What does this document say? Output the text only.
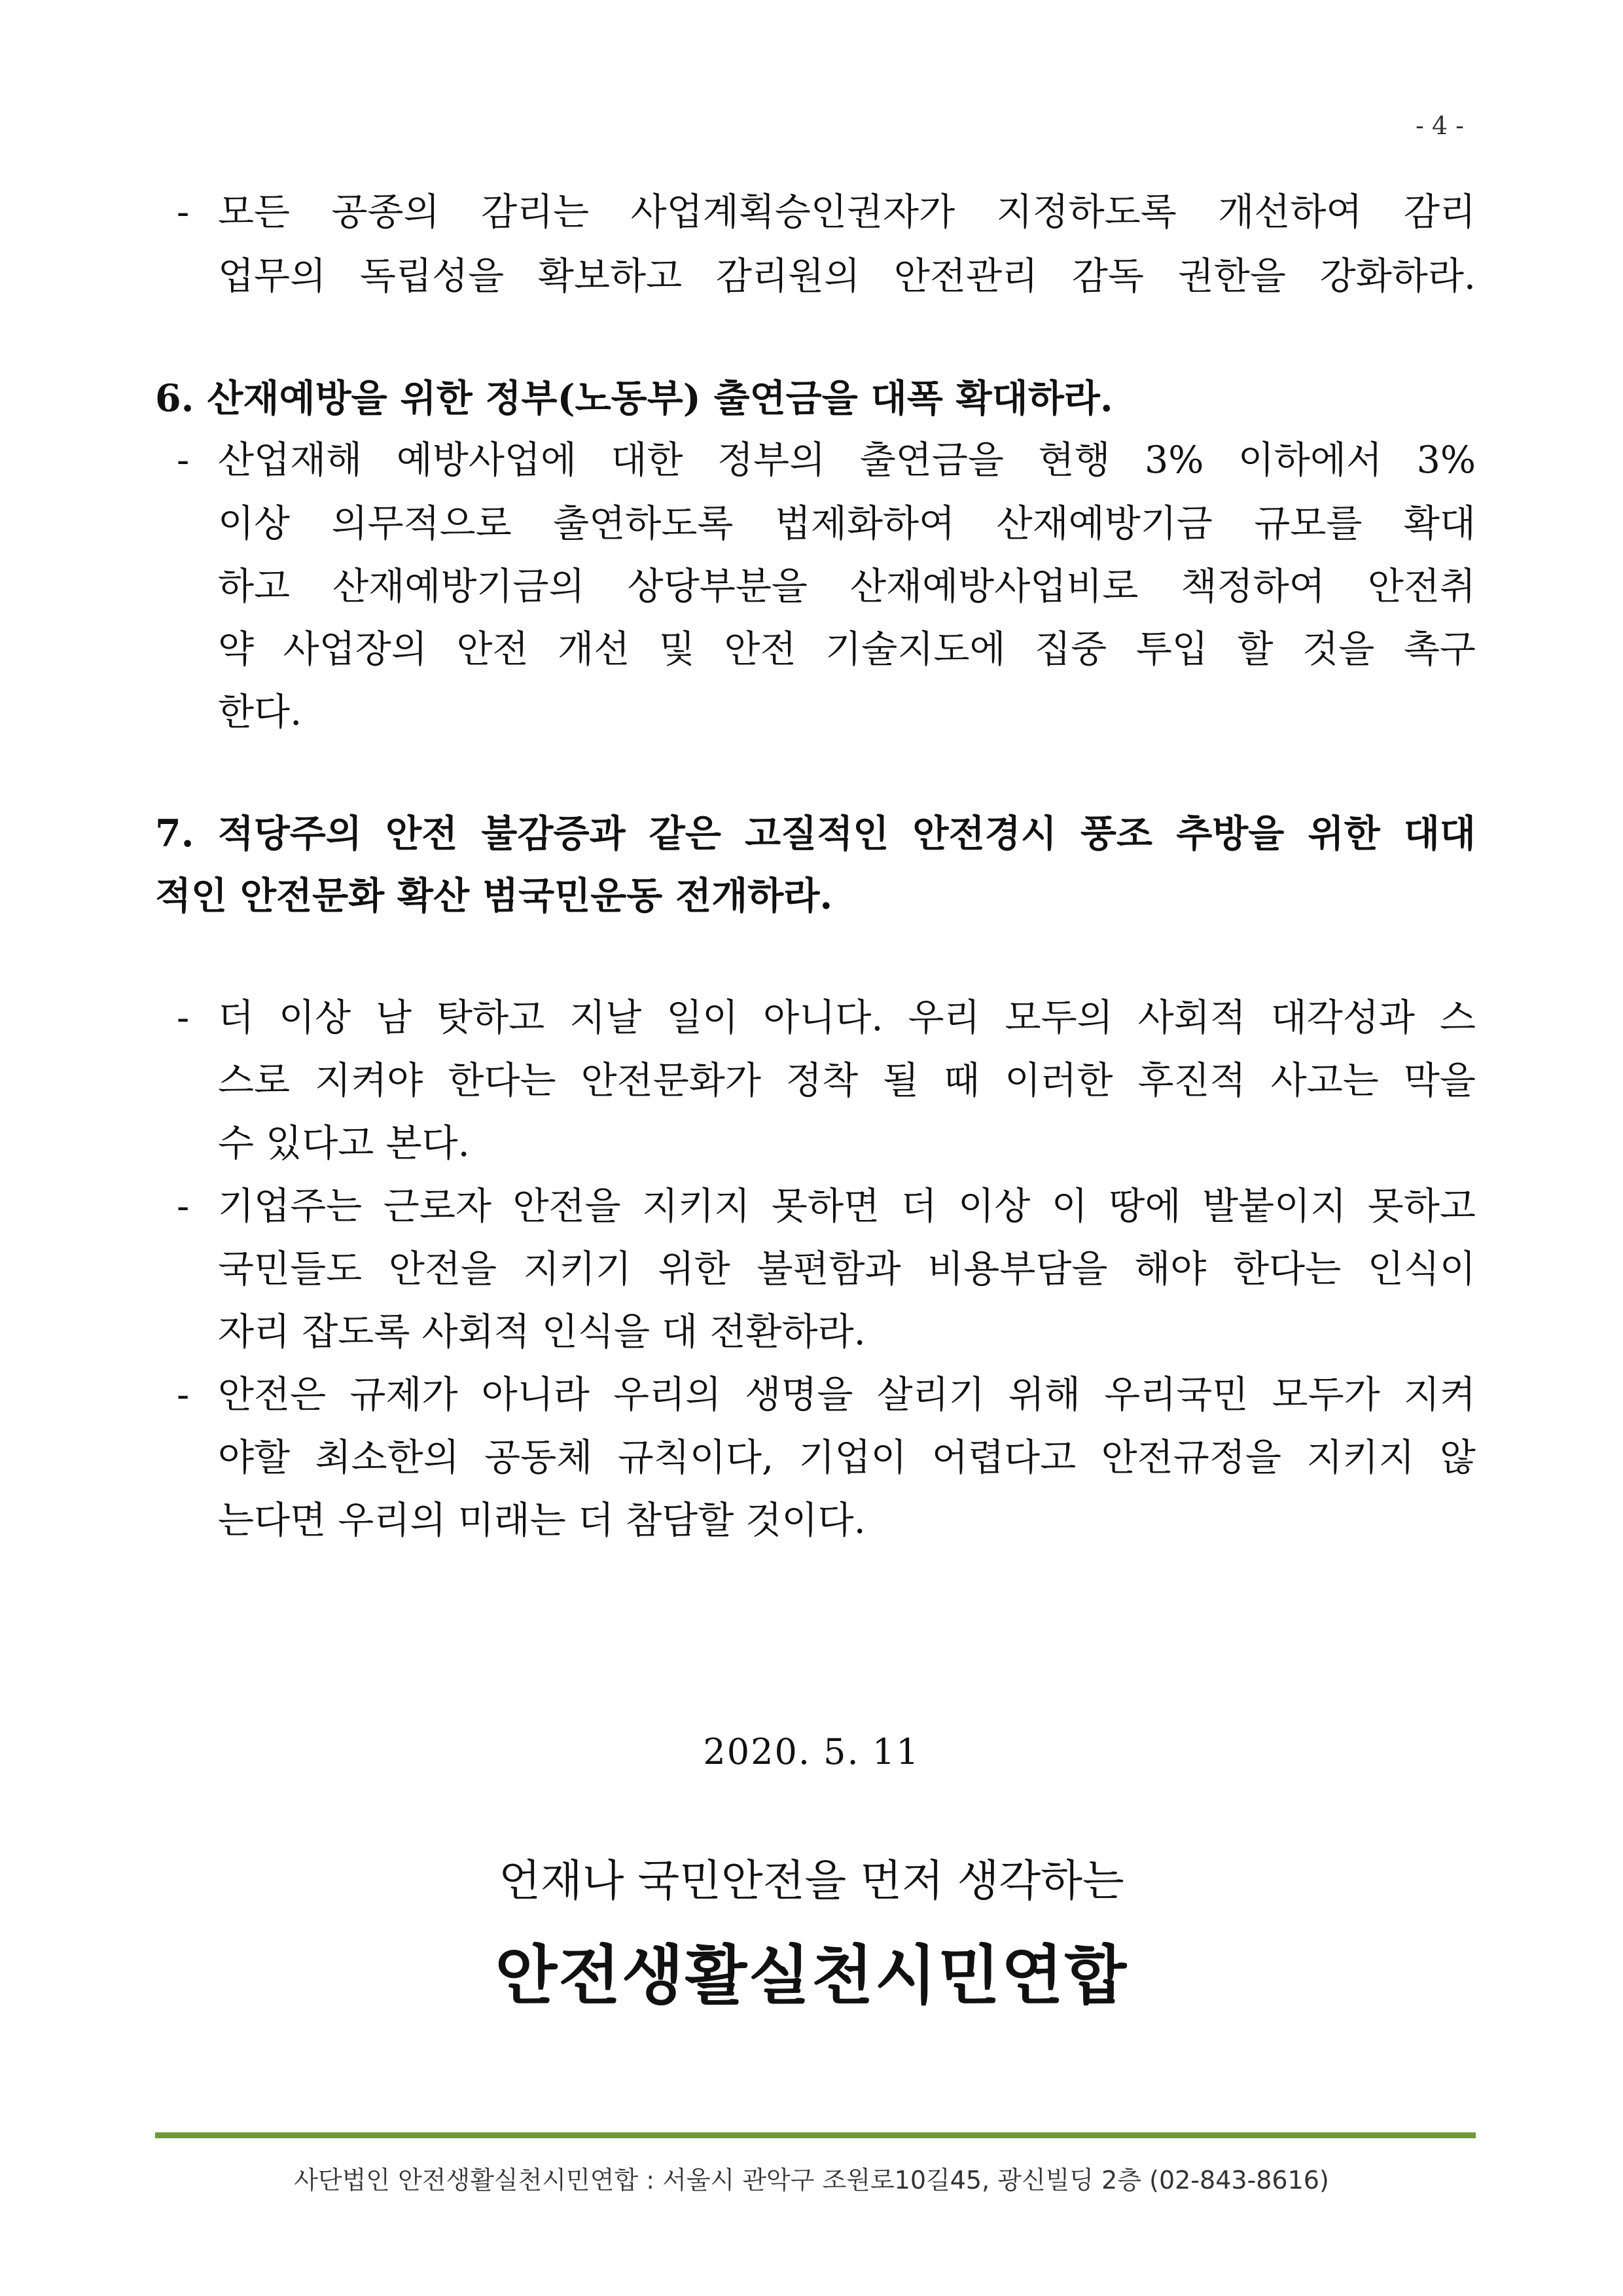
- 4 -
- 모든 공종의 감리는 사업계획승인권자가 지정하도록 개선하여 감리
업무의 독립성을 확보하고 감리원의 안전관리 감독 권한을 강화하라.
6. 산재예방을 위한 정부(노동부) 출연금을 대폭 확대하라.
- 산업재해 예방사업에 대한 정부의 출연금을 현행 3% 이하에서 3%
이상 의무적으로 출연하도록 법제화하여 산재예방기금 규모를 확대
하고 산재예방기금의 상당부분을 산재예방사업비로 책정하여 안전취
약 사업장의 안전 개선 및 안전 기술지도에 집중 투입 할 것을 촉구
한다.
7. 적당주의 안전 불감증과 같은 고질적인 안전경시 풍조 추방을 위한 대대
적인 안전문화 확산 범국민운동 전개하라.
- 더 이상 남 탓하고 지날 일이 아니다. 우리 모두의 사회적 대각성과 스
스로 지켜야 한다는 안전문화가 정착 될 때 이러한 후진적 사고는 막을
수 있다고 본다.
- 기업주는 근로자 안전을 지키지 못하면 더 이상 이 땅에 발붙이지 못하고
국민들도 안전을 지키기 위한 불편함과 비용부담을 해야 한다는 인식이
자리 잡도록 사회적 인식을 대 전환하라.
- 안전은 규제가 아니라 우리의 생명을 살리기 위해 우리국민 모두가 지켜
야할 최소한의 공동체 규칙이다, 기업이 어렵다고 안전규정을 지키지 않
는다면 우리의 미래는 더 참담할 것이다.
2020. 5. 11
언재나 국민안전을 먼저 생각하는
안전생활실천시민연합
사단법인 안전생활실천시민연합 : 서울시 관악구 조원로10길45, 광신빌딩 2층 (02-843-8616)
